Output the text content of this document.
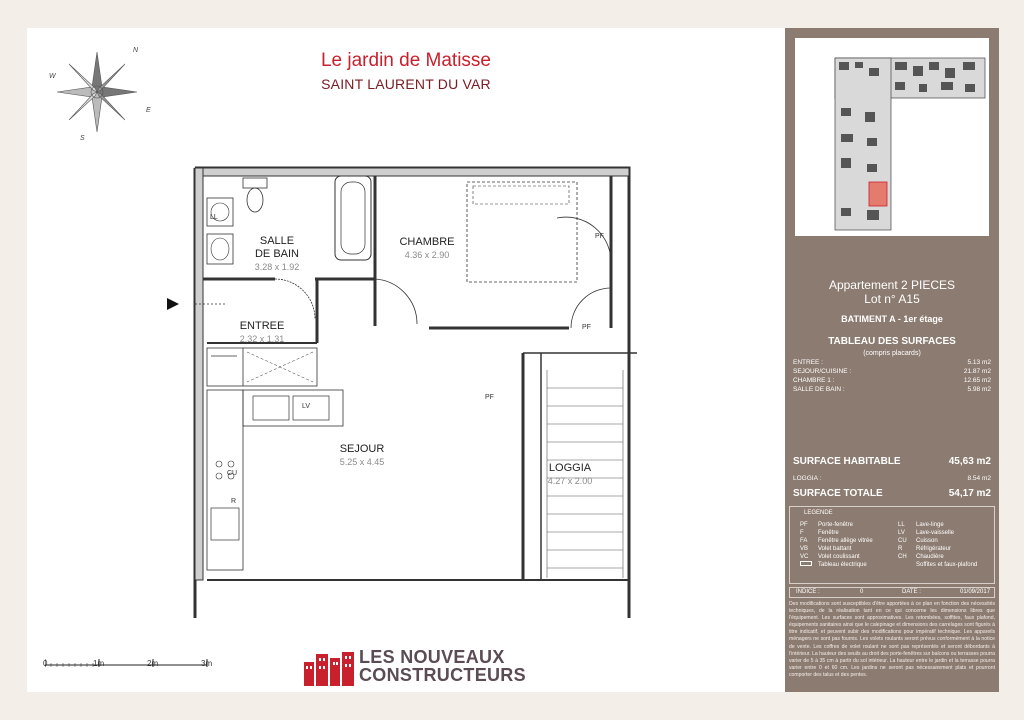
Le jardin de Matisse
SAINT LAURENT DU VAR
N
E
S
W

SALLE
DE BAIN

3.28 x 1.92

CHAMBRE
4.36 x 2.90
ENTREE
2.32 x 1.31
SEJOUR
5.25 x 4.45	LOGGIA
4.27 x 2.00
LL
LV
CU
R
PF
PF
PF
0	1m	2m	3m	LES NOUVEAUX
CONSTRUCTEURS
Appartement 2 PIECES
Lot n° A15
BATIMENT A - 1er étage
TABLEAU DES SURFACES
(compris placards)
ENTREE :	5.13 m2
SEJOUR/CUISINE :	21.87 m2
CHAMBRE 1 :	12.65 m2
SALLE DE BAIN :	5.98 m2
SURFACE HABITABLE	45,63 m2
LOGGIA :	8.54 m2
SURFACE TOTALE	54,17 m2
LEGENDE
PF Porte-fenêtre
F Fenêtre
FA Fenêtre allège vitrée
VB Volet battant
VC Volet coulissant
Tableau électrique
LL Lave-linge
LV Lave-vaisselle
CU Cuisson
R Réfrigérateur
CH Chaudière
Soffites et faux-plafond
INDICE :	0	DATE :	01/09/2017
Des modifications sont susceptibles d'être apportées à ce plan en fonction des nécessités techniques, de la réalisation tant en ce qui concerne les dimensions libres que l'équipement. Les surfaces sont approximatives. Les retombées, soffites, faux plafond, équipements sanitaires ainsi que le calepinage et dimensions des carrelages sont figurés à titre indicatif, et peuvent subir des modifications pour impératif technique. Les appareils ménagers ne sont pas fournis. Les volets roulants seront prévus conformément à la notice de vente. Les coffres de volet roulant ne sont pas représentés et seront débordants à l'intérieur. La hauteur des seuils au droit des porte-fenêtres sur balcons ou terrasses pourra varier de 5 à 35 cm à partir du sol intérieur. La hauteur entre le jardin et la terrasse pourra varier entre 0 et 60 cm. Les jardins ne seront pas nécessairement plats et pourront comporter des talus et des pentes.
